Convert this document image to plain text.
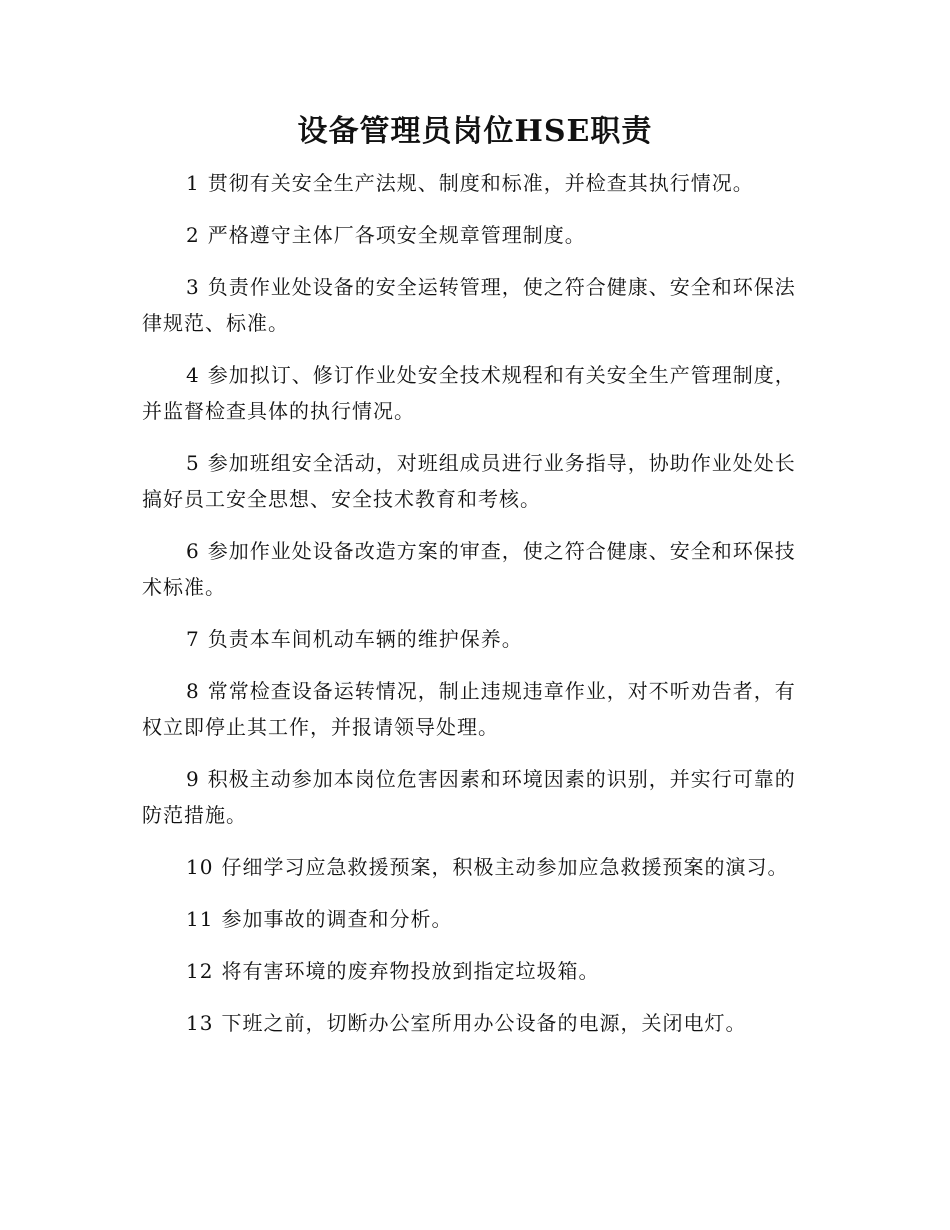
设备管理员岗位HSE职责
1 贯彻有关安全生产法规、制度和标准，并检查其执行情况。
2 严格遵守主体厂各项安全规章管理制度。
3 负责作业处设备的安全运转管理，使之符合健康、安全和环保法律规范、标准。
4 参加拟订、修订作业处安全技术规程和有关安全生产管理制度，并监督检查具体的执行情况。
5 参加班组安全活动，对班组成员进行业务指导，协助作业处处长搞好员工安全思想、安全技术教育和考核。
6 参加作业处设备改造方案的审查，使之符合健康、安全和环保技术标准。
7 负责本车间机动车辆的维护保养。
8 常常检查设备运转情况，制止违规违章作业，对不听劝告者，有权立即停止其工作，并报请领导处理。
9 积极主动参加本岗位危害因素和环境因素的识别，并实行可靠的防范措施。
10 仔细学习应急救援预案，积极主动参加应急救援预案的演习。
11 参加事故的调查和分析。
12 将有害环境的废弃物投放到指定垃圾箱。
13 下班之前，切断办公室所用办公设备的电源，关闭电灯。
